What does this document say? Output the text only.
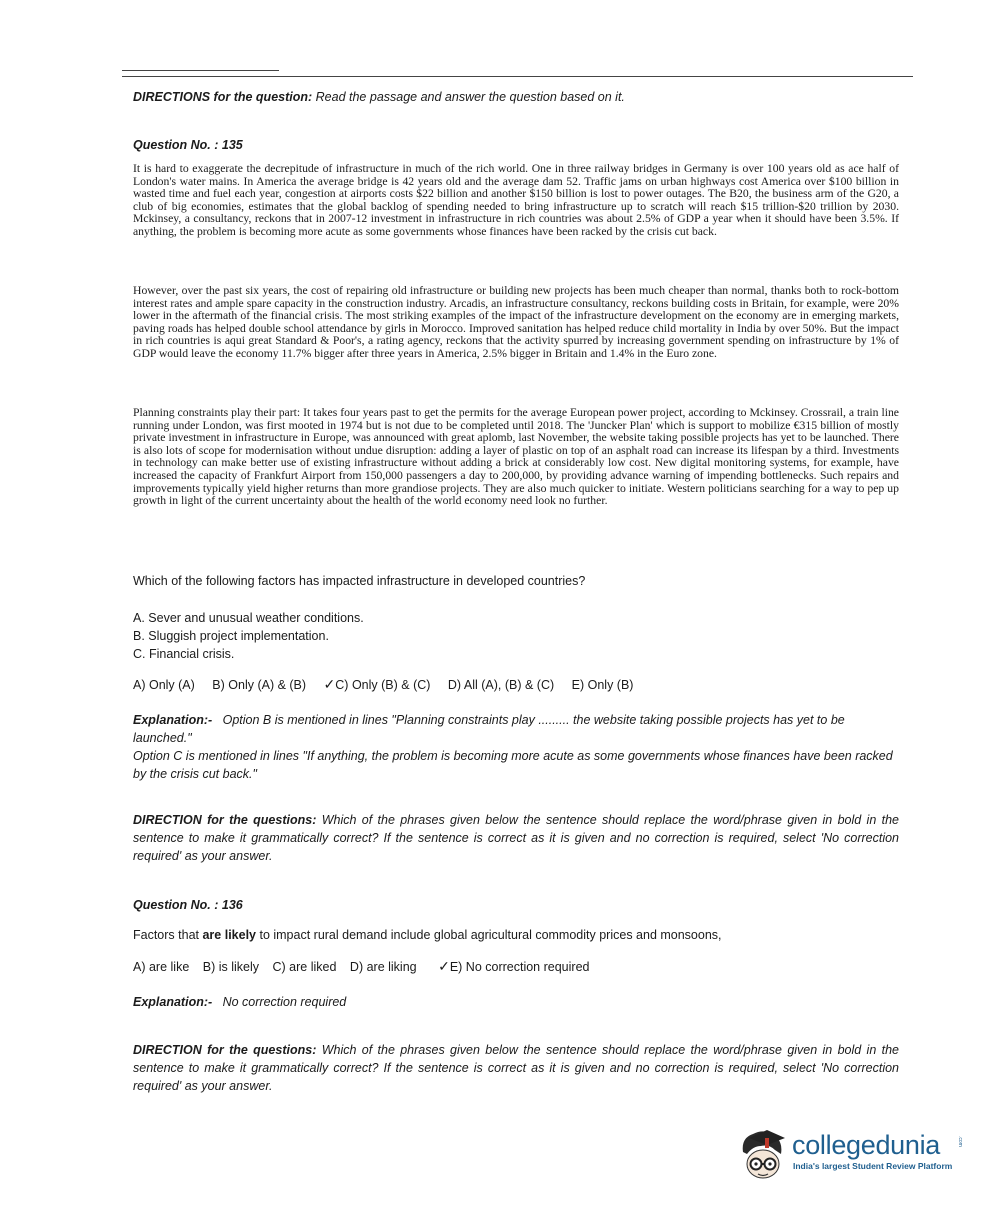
DIRECTIONS for the question: Read the passage and answer the question based on it.
Question No. : 135
It is hard to exaggerate the decrepitude of infrastructure in much of the rich world. One in three railway bridges in Germany is over 100 years old as ace half of London's water mains. In America the average bridge is 42 years old and the average dam 52. Traffic jams on urban highways cost America over $100 billion in wasted time and fuel each year, congestion at airports costs $22 billion and another $150 billion is lost to power outages. The B20, the business arm of the G20, a club of big economies, estimates that the global backlog of spending needed to bring infrastructure up to scratch will reach $15 trillion-$20 trillion by 2030. Mckinsey, a consultancy, reckons that in 2007-12 investment in infrastructure in rich countries was about 2.5% of GDP a year when it should have been 3.5%. If anything, the problem is becoming more acute as some governments whose finances have been racked by the crisis cut back.
However, over the past six years, the cost of repairing old infrastructure or building new projects has been much cheaper than normal, thanks both to rock-bottom interest rates and ample spare capacity in the construction industry. Arcadis, an infrastructure consultancy, reckons building costs in Britain, for example, were 20% lower in the aftermath of the financial crisis. The most striking examples of the impact of the infrastructure development on the economy are in emerging markets, paving roads has helped double school attendance by girls in Morocco. Improved sanitation has helped reduce child mortality in India by over 50%. But the impact in rich countries is aqui great Standard & Poor's, a rating agency, reckons that the activity spurred by increasing government spending on infrastructure by 1% of GDP would leave the economy 11.7% bigger after three years in America, 2.5% bigger in Britain and 1.4% in the Euro zone.
Planning constraints play their part: It takes four years past to get the permits for the average European power project, according to Mckinsey. Crossrail, a train line running under London, was first mooted in 1974 but is not due to be completed until 2018. The 'Juncker Plan' which is support to mobilize €315 billion of mostly private investment in infrastructure in Europe, was announced with great aplomb, last November, the website taking possible projects has yet to be launched. There is also lots of scope for modernisation without undue disruption: adding a layer of plastic on top of an asphalt road can increase its lifespan by a third. Investments in technology can make better use of existing infrastructure without adding a brick at considerably low cost. New digital monitoring systems, for example, have increased the capacity of Frankfurt Airport from 150,000 passengers a day to 200,000, by providing advance warning of impending bottlenecks. Such repairs and improvements typically yield higher returns than more grandiose projects. They are also much quicker to initiate. Western politicians searching for a way to pep up growth in light of the current uncertainty about the health of the world economy need look no further.
Which of the following factors has impacted infrastructure in developed countries?
A. Sever and unusual weather conditions.
B. Sluggish project implementation.
C. Financial crisis.
A) Only (A) B) Only (A) & (B) ✓C) Only (B) & (C) D) All (A), (B) & (C) E) Only (B)
Explanation:- Option B is mentioned in lines "Planning constraints play ......... the website taking possible projects has yet to be launched."
Option C is mentioned in lines "If anything, the problem is becoming more acute as some governments whose finances have been racked by the crisis cut back."
DIRECTION for the questions: Which of the phrases given below the sentence should replace the word/phrase given in bold in the sentence to make it grammatically correct? If the sentence is correct as it is given and no correction is required, select 'No correction required' as your answer.
Question No. : 136
Factors that are likely to impact rural demand include global agricultural commodity prices and monsoons,
A) are like B) is likely C) are liked D) are liking ✓E) No correction required
Explanation:- No correction required
DIRECTION for the questions: Which of the phrases given below the sentence should replace the word/phrase given in bold in the sentence to make it grammatically correct? If the sentence is correct as it is given and no correction is required, select 'No correction required' as your answer.
collegedunia	.com
India's largest Student Review Platform
